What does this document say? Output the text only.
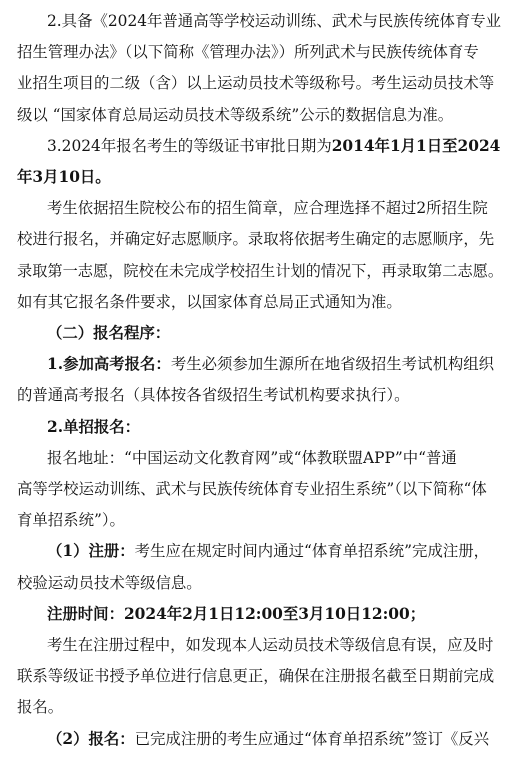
2.具备《2024年普通高等学校运动训练、武术与民族传统体育专业

招生管理办法》（以下简称《管理办法》）所列武术与民族传统体育专

业招生项目的二级（含）以上运动员技术等级称号。考生运动员技术等

级以 “国家体育总局运动员技术等级系统”公示的数据信息为准。

3.2024年报名考生的等级证书审批日期为2014年1月1日至2024

年3月10日。

考生依据招生院校公布的招生简章，应合理选择不超过2所招生院

校进行报名，并确定好志愿顺序。录取将依据考生确定的志愿顺序，先

录取第一志愿，院校在未完成学校招生计划的情况下，再录取第二志愿。

如有其它报名条件要求，以国家体育总局正式通知为准。

（二）报名程序：

1.参加高考报名：考生必须参加生源所在地省级招生考试机构组织

的普通高考报名（具体按各省级招生考试机构要求执行）。

2.单招报名：

报名地址：“中国运动文化教育网”或“体教联盟APP”中“普通

高等学校运动训练、武术与民族传统体育专业招生系统”（以下简称“体

育单招系统”）。

（1）注册：考生应在规定时间内通过“体育单招系统”完成注册，

校验运动员技术等级信息。

注册时间：2024年2月1日12:00至3月10日12:00；

考生在注册过程中，如发现本人运动员技术等级信息有误，应及时

联系等级证书授予单位进行信息更正，确保在注册报名截至日期前完成

报名。

（2）报名：已完成注册的考生应通过“体育单招系统”签订《反兴
